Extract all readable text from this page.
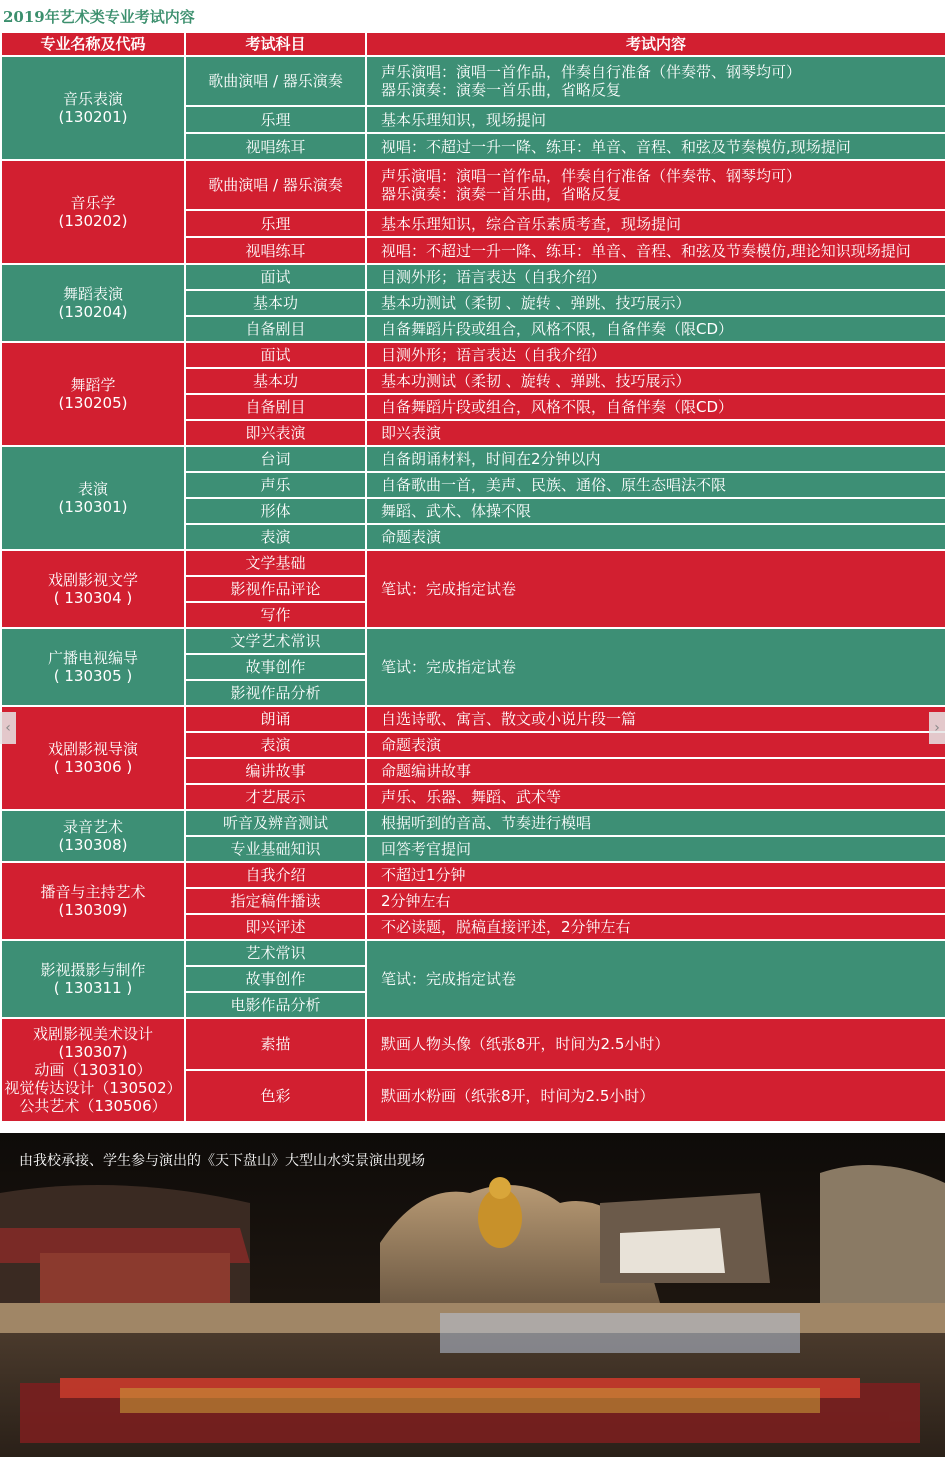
2019年艺术类专业考试内容
专业名称及代码	考试科目	考试内容

音乐表演
(130201)	歌曲演唱 / 器乐演奏	声乐演唱：演唱一首作品，伴奏自行准备（伴奏带、钢琴均可）
器乐演奏：演奏一首乐曲，省略反复

	乐理	基本乐理知识，现场提问

	视唱练耳	视唱：不超过一升一降、练耳：单音、音程、和弦及节奏模仿,现场提问

音乐学
(130202)	歌曲演唱 / 器乐演奏	声乐演唱：演唱一首作品，伴奏自行准备（伴奏带、钢琴均可）
器乐演奏：演奏一首乐曲，省略反复

	乐理	基本乐理知识，综合音乐素质考查，现场提问

	视唱练耳	视唱：不超过一升一降、练耳：单音、音程、和弦及节奏模仿,理论知识现场提问

舞蹈表演
(130204)	面试	目测外形；语言表达（自我介绍）

	基本功	基本功测试（柔韧 、旋转 、弹跳、技巧展示）

	自备剧目	自备舞蹈片段或组合，风格不限，自备伴奏（限CD）

舞蹈学
(130205)	面试	目测外形；语言表达（自我介绍）

	基本功	基本功测试（柔韧 、旋转 、弹跳、技巧展示）

	自备剧目	自备舞蹈片段或组合，风格不限，自备伴奏（限CD）

	即兴表演	即兴表演

表演
(130301)	台词	自备朗诵材料，时间在2分钟以内

	声乐	自备歌曲一首，美声、民族、通俗、原生态唱法不限

	形体	舞蹈、武术、体操不限

	表演	命题表演

戏剧影视文学
( 130304 )	文学基础	笔试：完成指定试卷
	影视作品评论	
	写作	

广播电视编导
( 130305 )	文学艺术常识	笔试：完成指定试卷
	故事创作	
	影视作品分析	

戏剧影视导演
( 130306 )	朗诵	自选诗歌、寓言、散文或小说片段一篇

	表演	命题表演

	编讲故事	命题编讲故事

	才艺展示	声乐、乐器、舞蹈、武术等

录音艺术
(130308)	听音及辨音测试	根据听到的音高、节奏进行模唱

	专业基础知识	回答考官提问

播音与主持艺术
(130309)	自我介绍	不超过1分钟

	指定稿件播读	2分钟左右

	即兴评述	不必读题，脱稿直接评述，2分钟左右

影视摄影与制作
( 130311 )	艺术常识	笔试：完成指定试卷
	故事创作	
	电影作品分析	

戏剧影视美术设计(130307)
动画（130310）
视觉传达设计（130502）
公共艺术（130506）	素描	默画人物头像（纸张8开，时间为2.5小时）

	色彩	默画水粉画（纸张8开，时间为2.5小时）
‹	›
由我校承接、学生参与演出的《天下盘山》大型山水实景演出现场
